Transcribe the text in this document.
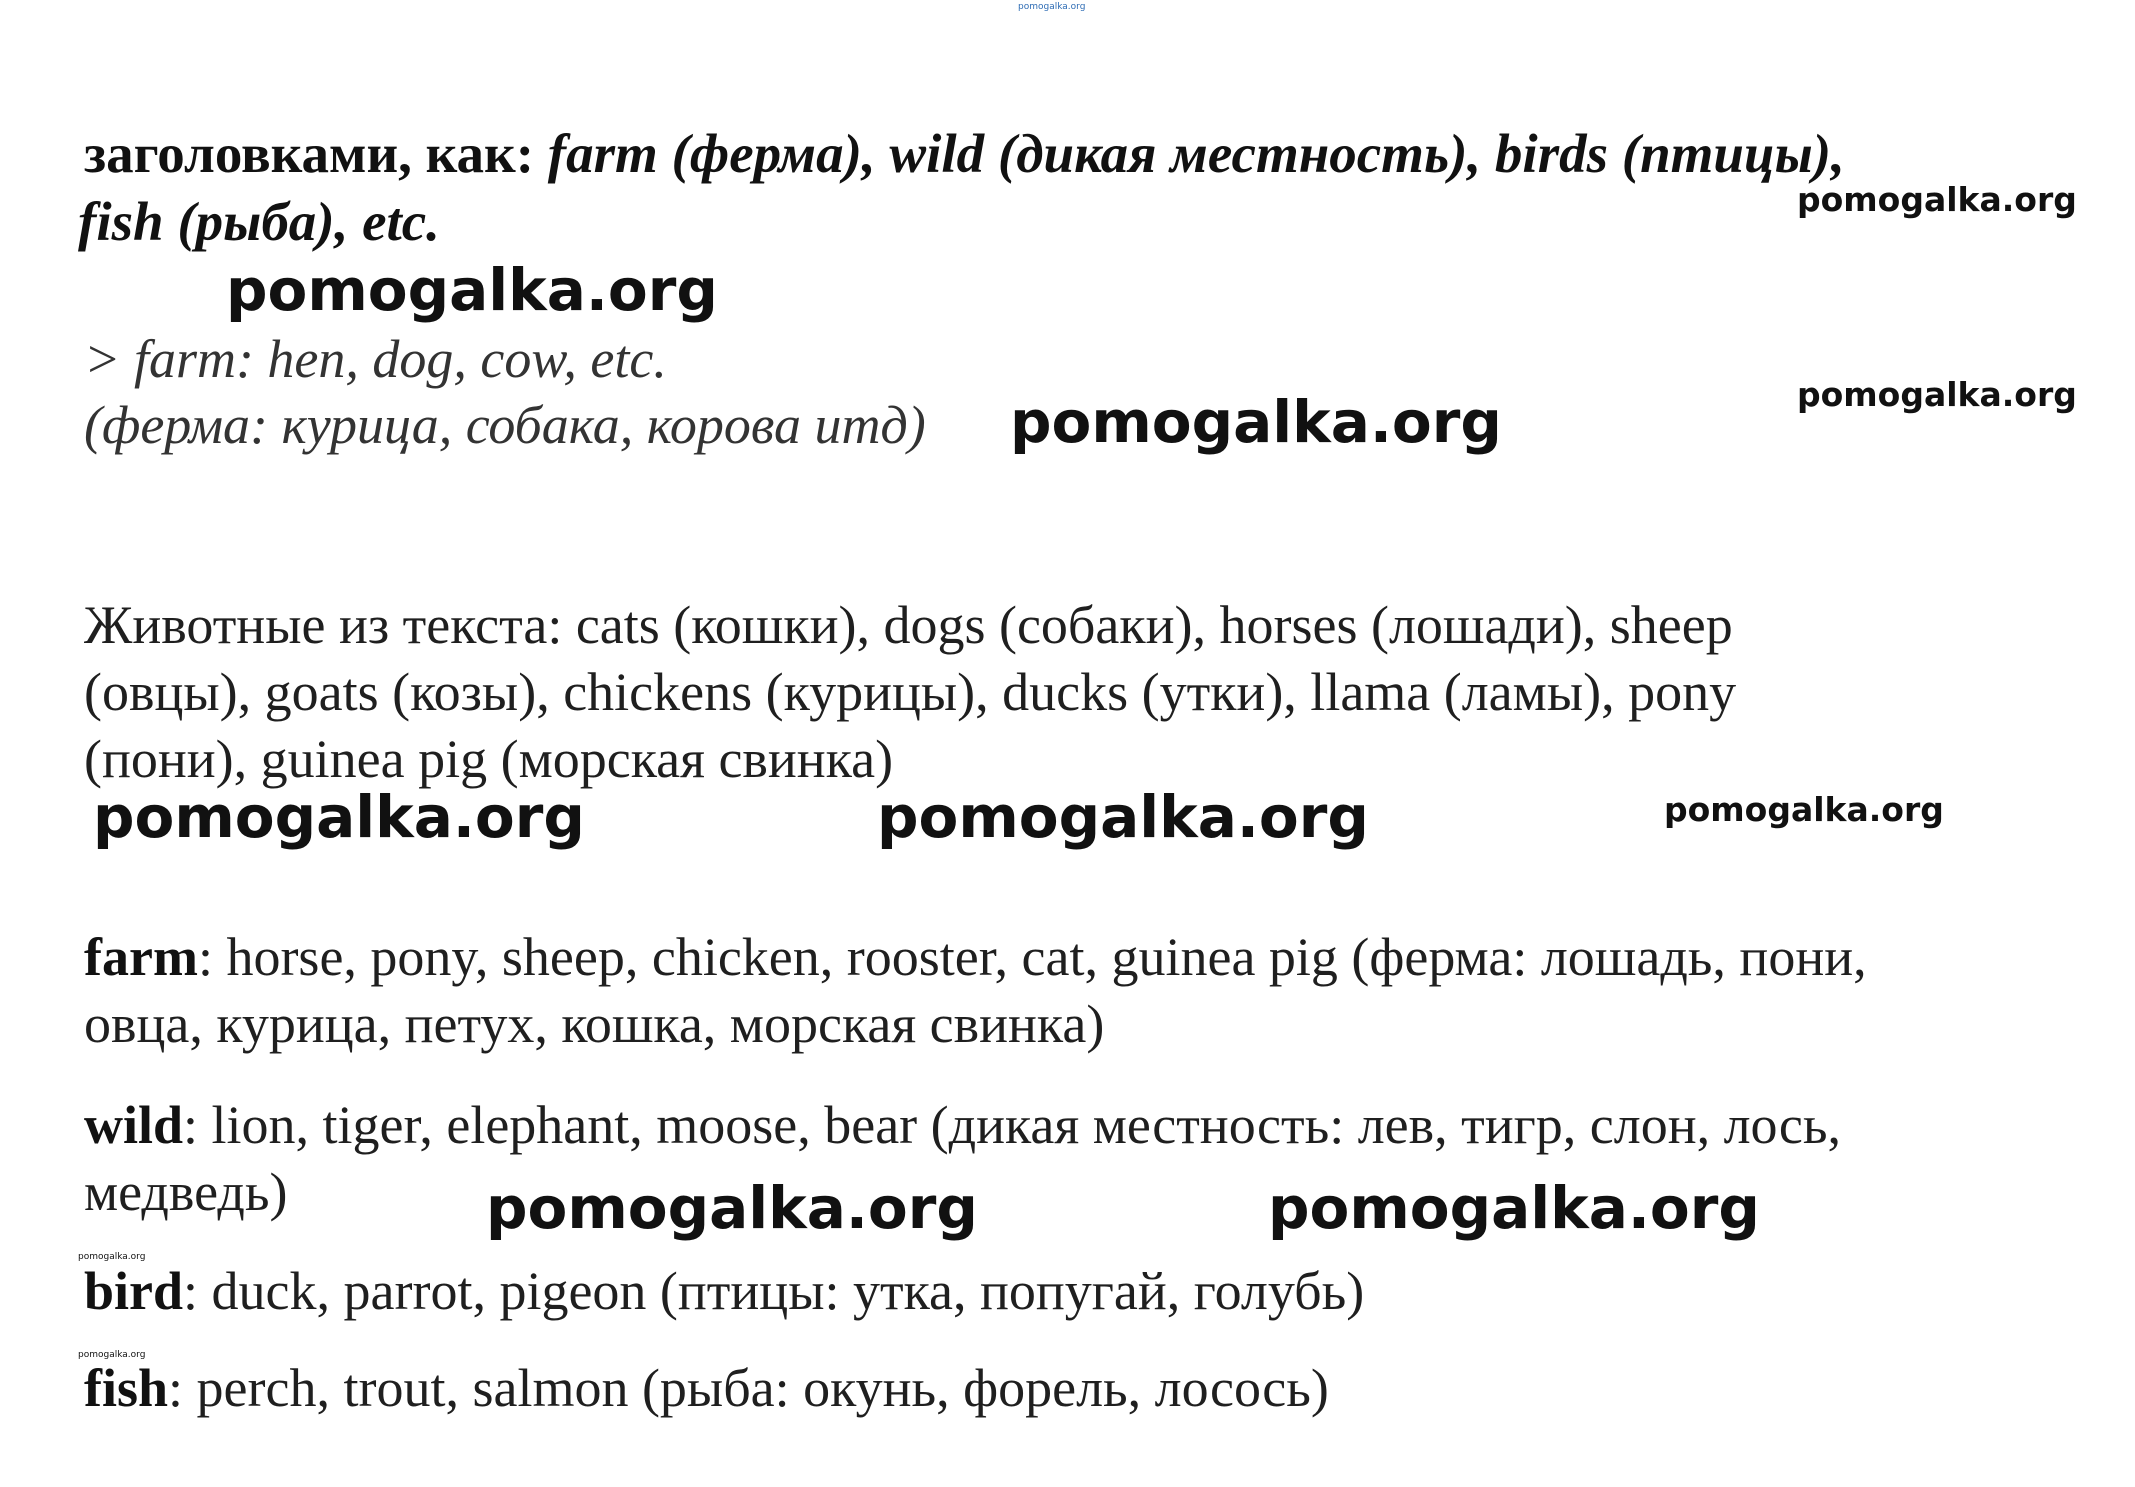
pomogalka.org
заголовками, как: farm (ферма), wild (дикая местность), birds (птицы),
fish (рыба), etc.	pomogalka.org
pomogalka.org
> farm: hen, dog, cow, etc.
(ферма: курица, собака, корова итд)
pomogalka.org
pomogalka.org
Животные из текста: cats (кошки), dogs (собаки), horses (лошади), sheep
(овцы), goats (козы), chickens (курицы), ducks (утки), llama (ламы), pony
(пони), guinea pig (морская свинка)
pomogalka.org	pomogalka.org	pomogalka.org
farm: horse, pony, sheep, chicken, rooster, cat, guinea pig (ферма: лошадь, пони,
овца, курица, петух, кошка, морская свинка)
wild: lion, tiger, elephant, moose, bear (дикая местность: лев, тигр, слон, лось,
медведь)	pomogalka.org	pomogalka.org
pomogalka.org
bird: duck, parrot, pigeon (птицы: утка, попугай, голубь)
pomogalka.org
fish: perch, trout, salmon (рыба: окунь, форель, лосось)
